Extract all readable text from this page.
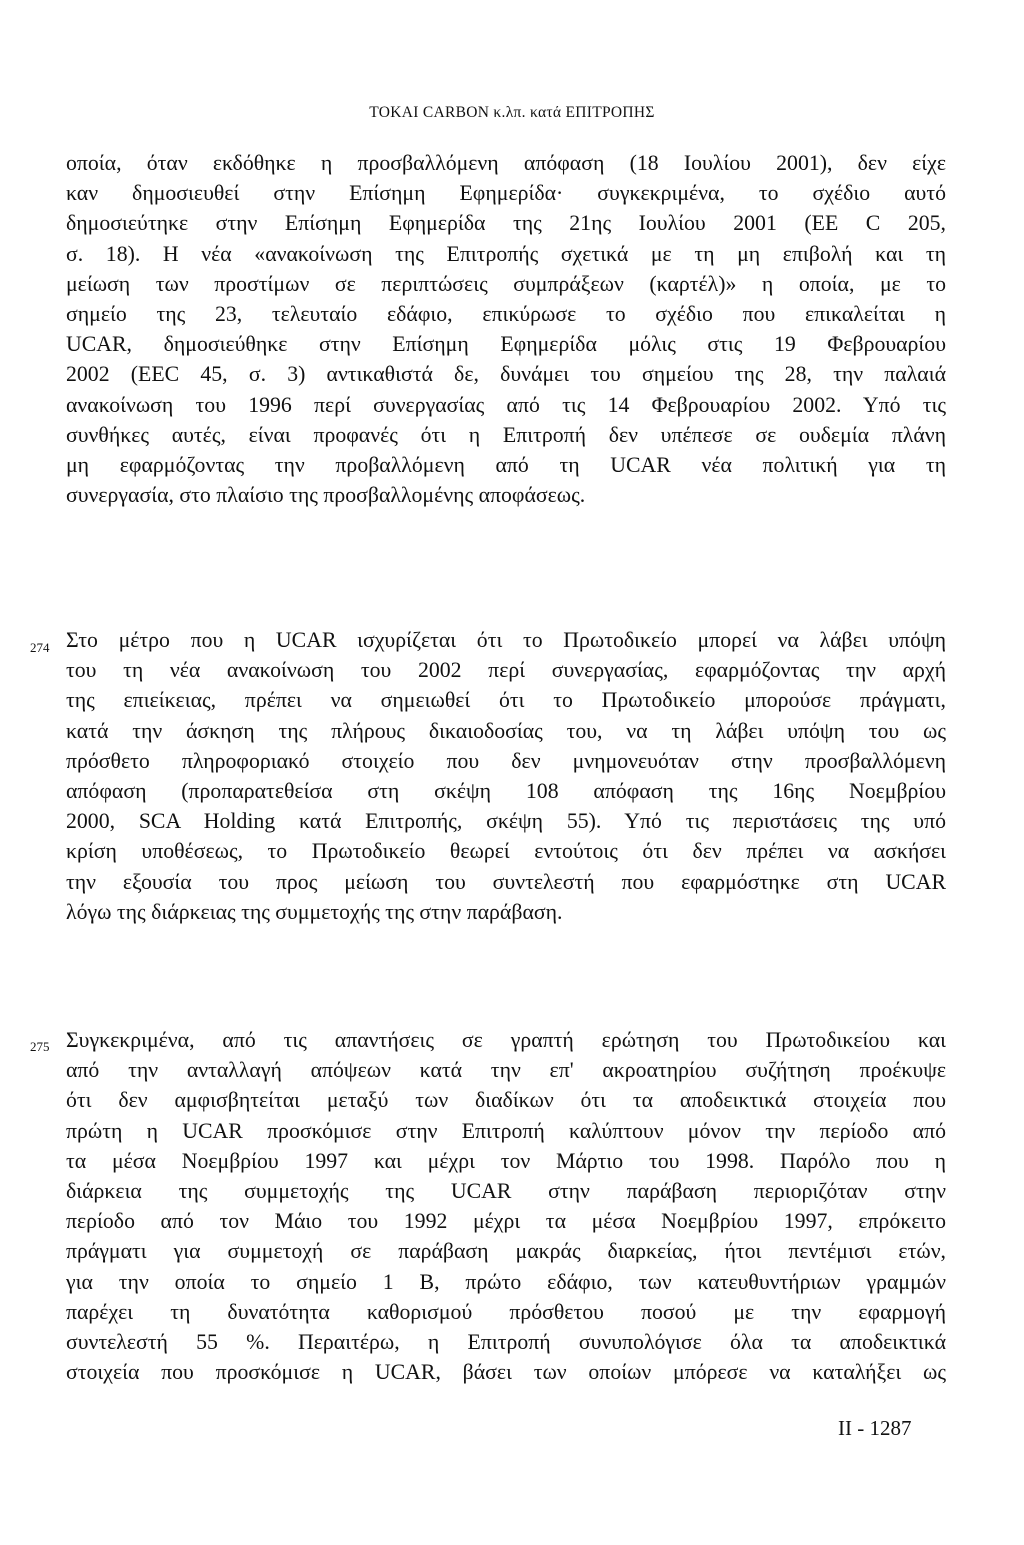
TOKAI CARBON κ.λπ. κατά ΕΠΙΤΡΟΠΗΣ
οποία, όταν εκδόθηκε η προσβαλλόμενη απόφαση (18 Ιουλίου 2001), δεν είχε
καν δημοσιευθεί στην Επίσημη Εφημερίδα· συγκεκριμένα, το σχέδιο αυτό
δημοσιεύτηκε στην Επίσημη Εφημερίδα της 21ης Ιουλίου 2001 (ΕΕ C 205,
σ. 18). Η νέα «ανακοίνωση της Επιτροπής σχετικά με τη μη επιβολή και τη
μείωση των προστίμων σε περιπτώσεις συμπράξεων (καρτέλ)» η οποία, με το
σημείο της 23, τελευταίο εδάφιο, επικύρωσε το σχέδιο που επικαλείται η
UCAR, δημοσιεύθηκε στην Επίσημη Εφημερίδα μόλις στις 19 Φεβρουαρίου
2002 (ΕΕC 45, σ. 3) αντικαθιστά δε, δυνάμει του σημείου της 28, την παλαιά
ανακοίνωση του 1996 περί συνεργασίας από τις 14 Φεβρουαρίου 2002. Υπό τις
συνθήκες αυτές, είναι προφανές ότι η Επιτροπή δεν υπέπεσε σε ουδεμία πλάνη
μη εφαρμόζοντας την προβαλλόμενη από τη UCAR νέα πολιτική για τη
συνεργασία, στο πλαίσιο της προσβαλλομένης αποφάσεως.
274 Στο μέτρο που η UCAR ισχυρίζεται ότι το Πρωτοδικείο μπορεί να λάβει υπόψη
του τη νέα ανακοίνωση του 2002 περί συνεργασίας, εφαρμόζοντας την αρχή
της επιείκειας, πρέπει να σημειωθεί ότι το Πρωτοδικείο μπορούσε πράγματι,
κατά την άσκηση της πλήρους δικαιοδοσίας του, να τη λάβει υπόψη του ως
πρόσθετο πληροφοριακό στοιχείο που δεν μνημονευόταν στην προσβαλλόμενη
απόφαση (προπαρατεθείσα στη σκέψη 108 απόφαση της 16ης Νοεμβρίου
2000, SCA Holding κατά Επιτροπής, σκέψη 55). Υπό τις περιστάσεις της υπό
κρίση υποθέσεως, το Πρωτοδικείο θεωρεί εντούτοις ότι δεν πρέπει να ασκήσει
την εξουσία του προς μείωση του συντελεστή που εφαρμόστηκε στη UCAR
λόγω της διάρκειας της συμμετοχής της στην παράβαση.
275 Συγκεκριμένα, από τις απαντήσεις σε γραπτή ερώτηση του Πρωτοδικείου και
από την ανταλλαγή απόψεων κατά την επ' ακροατηρίου συζήτηση προέκυψε
ότι δεν αμφισβητείται μεταξύ των διαδίκων ότι τα αποδεικτικά στοιχεία που
πρώτη η UCAR προσκόμισε στην Επιτροπή καλύπτουν μόνον την περίοδο από
τα μέσα Νοεμβρίου 1997 και μέχρι τον Μάρτιο του 1998. Παρόλο που η
διάρκεια της συμμετοχής της UCAR στην παράβαση περιοριζόταν στην
περίοδο από τον Μάιο του 1992 μέχρι τα μέσα Νοεμβρίου 1997, επρόκειτο
πράγματι για συμμετοχή σε παράβαση μακράς διαρκείας, ήτοι πεντέμισι ετών,
για την οποία το σημείο 1 Β, πρώτο εδάφιο, των κατευθυντήριων γραμμών
παρέχει τη δυνατότητα καθορισμού πρόσθετου ποσού με την εφαρμογή
συντελεστή 55 %. Περαιτέρω, η Επιτροπή συνυπολόγισε όλα τα αποδεικτικά
στοιχεία που προσκόμισε η UCAR, βάσει των οποίων μπόρεσε να καταλήξει ως
II - 1287
